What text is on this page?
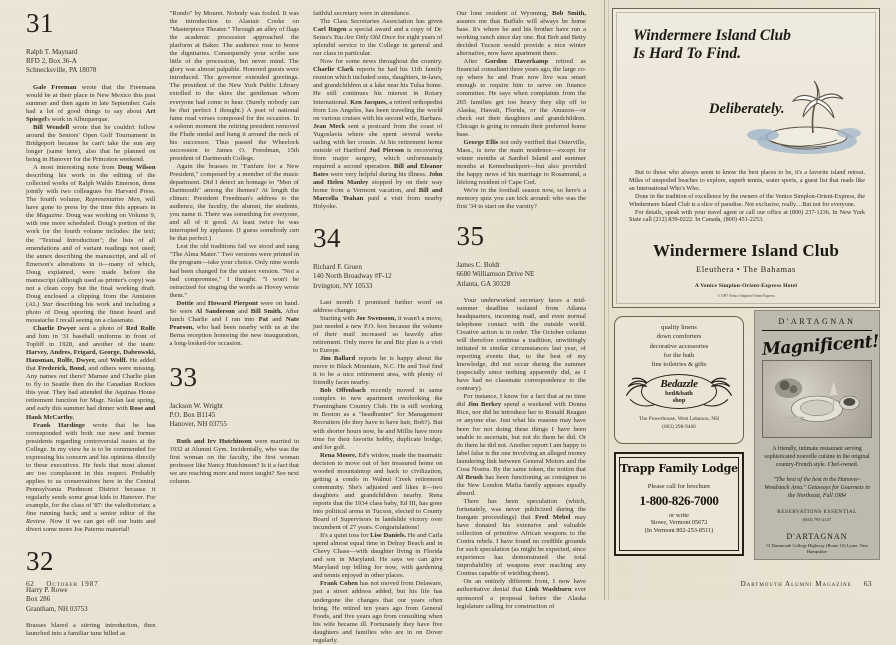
31
Ralph T. Maynard
RFD 2, Box 36-A
Schnecksville, PA 18078

Gale Freeman wrote that the Freemans would be at their place in New Mexico this past summer and then again in late September. Gale had a lot of good things to say about Art Spiegel's work in Albuquerque.

Bill Wendell wrote that he couldn't follow around the Seniors' Open Golf Tournament in Bridgeport because he can't take the sun any longer (same here), also that he planned on being in Hanover for the Princeton weekend.

A most interesting note from Doug Wilson describing his work in the editing of the collected works of Ralph Waldo Emerson, done jointly with two colleagues for Harvard Press. The fourth volume, Representative Men, will have gone to press by the time this appears in the Magazine. Doug was working on Volume 9, with one more scheduled. Doug's portion of the work for the fourth volume includes: the text; the "Textual Introduction"; the lists of all emendations and of variant readings not used; the annex describing the manuscript, and all of Emerson's alterations in it—many of which, Doug explained, were made before the manuscript (although used as printer's copy) was not a clean copy but the final working draft. Doug enclosed a clipping from the Anniston (AL) Star describing his work and including a photo of Doug sporting the finest beard and moustache I recall seeing on a classmate.

Charlie Dwyer sent a photo of Red Rolfe and him in '31 baseball uniforms in front of Topliff in 1928, and another of the team: Harvey, Andres, Frigard, George, Dabrowski, Hausman, Rolfe, Dwyer, and Wolff. He added that Frederick, Bond, and others were missing. Any names out there? Marnee and Charlie plan to fly to Seattle then do the Canadian Rockies this year. They had attended the Aquinas House retirement function for Msgr. Nolan last spring, and early this summer had dinner with Rose and Hank McCarthy.

Frank Hardinge wrote that he has corresponded with both our new and former presidents regarding controversial issues at the College. In my view he is to be commended for expressing his concern and his opinions directly to these executives. He feels that most alumni are too complacent in this respect. Probably applies to us conservatives here in the Central Pennsylvania Piedmont District because it regularly sends some great kids to Hanover. For example, for the class of '87: the valedictorian; a fine running back; and a senior editor of the Review. Now if we can get off our butts and divert some more Joe Paterno material!

32
Harry P. Rowe
Box 286
Grantham, NH 03753

Brasses blared a stirring introduction, then launched into a familiar tune billed as

"Rondo" by Mouret. Nobody was fooled. It was the introduction to Alastair Cooke on "Masterpiece Theater." Through an alley of flags the academic procession approached the platform at Baker. The audience rose to honor the dignitaries. Consequently your scribe saw little of the procession, but never mind. The glory was almost palpable. Honored guests were introduced. The governor extended greetings. The president of the New York Public Library extolled to the skies the gentleman whom everyone had come to hear. (Surely nobody can be that perfect I thought.) A poet of national fame read verses composed for the occasion. In a solemn moment the retiring president removed the Flude medal and hung it around the neck of his successor. Thus passed the Wheelock succession to James O. Freedman, 15th president of Dartmouth College.

Again the brasses in "Fanfare for a New President," composed by a member of the music department. Did I detect an homage to "Men of Dartmouth" among the themes? At length the climax: President Freedman's address to the audience, the faculty, the alumni, the students, you name it. There was something for everyone, and all of it good. At least twice he was interrupted by applause. (I guess somebody can be that perfect.)

Lest the old traditions fail we stood and sang "The Alma Mater." Two versions were printed in the program—take your choice. Only nine words had been changed for the unisex version. "Not a bad compromise," I thought. "I won't be ostracized for singing the words as Hovey wrote them."

Dottie and Howard Pierpont were on hand. So were Al Sanderson and Bill Smith. After lunch Charlie and I ran into Pat and Nate Pearson, who had been nearby with us at the Bema reception honoring the new inauguration, a long-looked-for occasion.

33
Jackson W. Wright
P.O. Box B1145
Hanover, NH 03755

Ruth and Irv Hutchinson were married in 1932 at Alumni Gym. Incidentally, who was the first woman on the faculty, the first woman professor like Nancy Hutchinson? Is it a fact that we are reaching more and more taught? See next column.

faithful secretary were in attendance.

The Class Secretaries Association has given Carl Rugen a special award and a copy of Dr. Seuss's You Are Only Old Once for eight years of splendid service to the College in general and our class in particular.

Now for some news throughout the country. Charlie Clark reports he had his 11th family reunion which included sons, daughters, in-laws, and grandchildren at a lake near his Tulsa home. He still continues his interest in Rotary International. Ken Jacques, a retired orthopedist from Los Angeles, has been traveling the world on various cruises with his second wife, Barbara. Jean Meck sent a postcard from the coast of Yugoslavia where she spent several weeks sailing with her cousin. At his retirement home outside of Hartford Jud Pierson is recovering from major surgery, which unfortunately required a second operation. Bill and Eleanor Bates were very helpful during his illness. John and Helen Manley stopped by on their way home from a Vermont vacation, and Bill and Marcella Teahan paid a visit from nearby Holyoke.

34
Richard F. Gruen
140 North Broadway #F-12
Irvington, NY 10533

Last month I promised further word on address changes:

Starting with Joe Swensson, it wasn't a move, just needed a new P.O. box because the volume of their mail increased so heavily after retirement. Only move he and Biz plan is a visit to Europe.

Jim Ballard reports he is happy about the move to Black Mountain, N.C. He and Teal find it to be a nice retirement area, with plenty of friendly faces nearby.

Bob Offenbach recently moved in same complex to new apartment overlooking the Framingham Country Club. He is still working in Boston as a "headhunter" for Management Recruiters (do they have to have hair, Bob?). But with shorter hours now, he and Millie have more time for their favorite hobby, duplicate bridge, and for golf.

Rena Moore, Ed's widow, made the traumatic decision to move out of her treasured home on wooded mountaintop and back to civilization, getting a condo in Walnut Creek retirement community. She's adjusted and likes it—two daughters and grandchildren nearby. Rena reports that the 1934 class baby, Ed III, has gone into political arena in Tucson, elected to County Board of Supervisors in landslide victory over incumbent of 27 years. Congratulations!

It's a quiet toss for Lise Daniels. He and Carla spend almost equal time in Delray Beach and in Chevy Chase—with daughter living in Florida and son in Maryland. He says we can give Maryland top billing for now, with gardening and tennis enjoyed in other places.

Frank Cohen has not moved from Delaware, just a street address added, but his life has undergone the changes that our years often bring. He retired ten years ago from General Foods, and five years ago from consulting when his wife became ill. Fortunately they have five daughters and families who are in on Dover regularly.

Our lone resident of Wyoming, Bob Smith, assures me that Buffalo will always be home base. It's where he and his brother have run a working ranch since day one. But Bob and Betty decided Tucson would provide a nice winter alternative, now have apartment there.

After Gordon Haverkamp retired as financial consultant three years ago, the large co-op where he and Fran now live was smart enough to require him to serve on finance committee. He says when complaints from the 265 families get too heavy they slip off to Alaska, Hawaii, Florida, or the Amazon—or check out their daughters and grandchildren. Chicago is going to remain their preferred home base.

George Ellis not only verified that Osterville, Mass., is now the main residence—except for winter months at Sanibel Island and summer months at Kennebunkport—but also provided the happy news of his marriage to Rosamund, a lifelong resident of Cape Cod.

We're in the football season now, so here's a memory quiz you can kick around: who was the first '34 to start on the varsity?

35
James C. Boldt
6680 Williamson Drive NE
Atlanta, GA 30328

Your underworked secretary faces a mid-summer deadline isolated from Atlanta headquarters, incoming mail, and even normal telephone contact with the outside world. Creative action is in order. The October column will therefore continue a tradition, unwittingly initiated in similar circumstances last year, of reporting events that, to the best of my knowledge, did not occur during the summer (especially since nothing apparently did, as I have had no classmate correspondence to the contrary).

For instance, I know for a fact that at no time did Jim Berkey spend a weekend with Donna Rice, nor did he introduce her to Ronald Reagan or anyone else. Just what his reasons may have been for not doing these things I have been unable to ascertain, but not do them he did. Or do them he did not. Another report I am happy to label false is the one involving an alleged money laundering link between General Motors and the Cosa Nostra. By the same token, the notion that Al Brush has been functioning as consignee to the New London Mafia family appears equally absurd.

There has been speculation (which, fortunately, was never publicized during the Irangate proceedings) that Fred Mebel may have donated his extensive and valuable collection of primitive African weapons to the Contra rebels. I have found no credible grounds for such speculation (as might be expected, since experience has demonstrated the total improbability of weapons ever reaching any Contras capable of wielding them).

On an entirely different front, I now have authoritative denial that Link Washburn ever sponsored a proposal before the Alaska legislature calling for construction of

Windermere Island Club
Is Hard To Find.
Deliberately.

But to those who always seem to know the best places to be, it's a favorite island retreat. Miles of unspoiled beaches to explore, superb tennis, water sports, a guest list that reads like an International Who's Who.

Done in the tradition of excellence by the owners of the Venice Simplon-Orient-Express, the Windermere Island Club is a slice of paradise. Not exclusive, really…But not for everyone.

For details, speak with your travel agent or call our office at (800) 237-1236. In New York State call (212) 839-0222. In Canada, (800) 451-2253.

Windermere Island Club
Eleuthera • The Bahamas
A Venice Simplon-Orient-Express Hotel
© 1987 Venice Simplon-Orient-Express
quality linens
down comforters
decorative accessories
for the bath
fine toiletries & gifts
Bedazzle
bed&bath
shop
The Powerhouse, West Lebanon, NH
(603) 298-9466
Trapp Family Lodge
Please call for brochure
1-800-826-7000
or write
Stowe, Vermont 05672
(In Vermont 802-253-8511)
D'ARTAGNAN
Magnificent!
A friendly, intimate restaurant serving sophisticated nouvelle cuisine in the original country-French style. Chef-owned.
"The best of the best in the Hanover-Woodstock Area." Getaways for Gourmets in the Northeast, Fall 1984
RESERVATIONS ESSENTIAL
(603) 795-2137
D'ARTAGNAN
13 Dartmouth College Highway (Route 10) Lyme, New Hampshire
62 October 1987	Dartmouth Alumni Magazine 63
